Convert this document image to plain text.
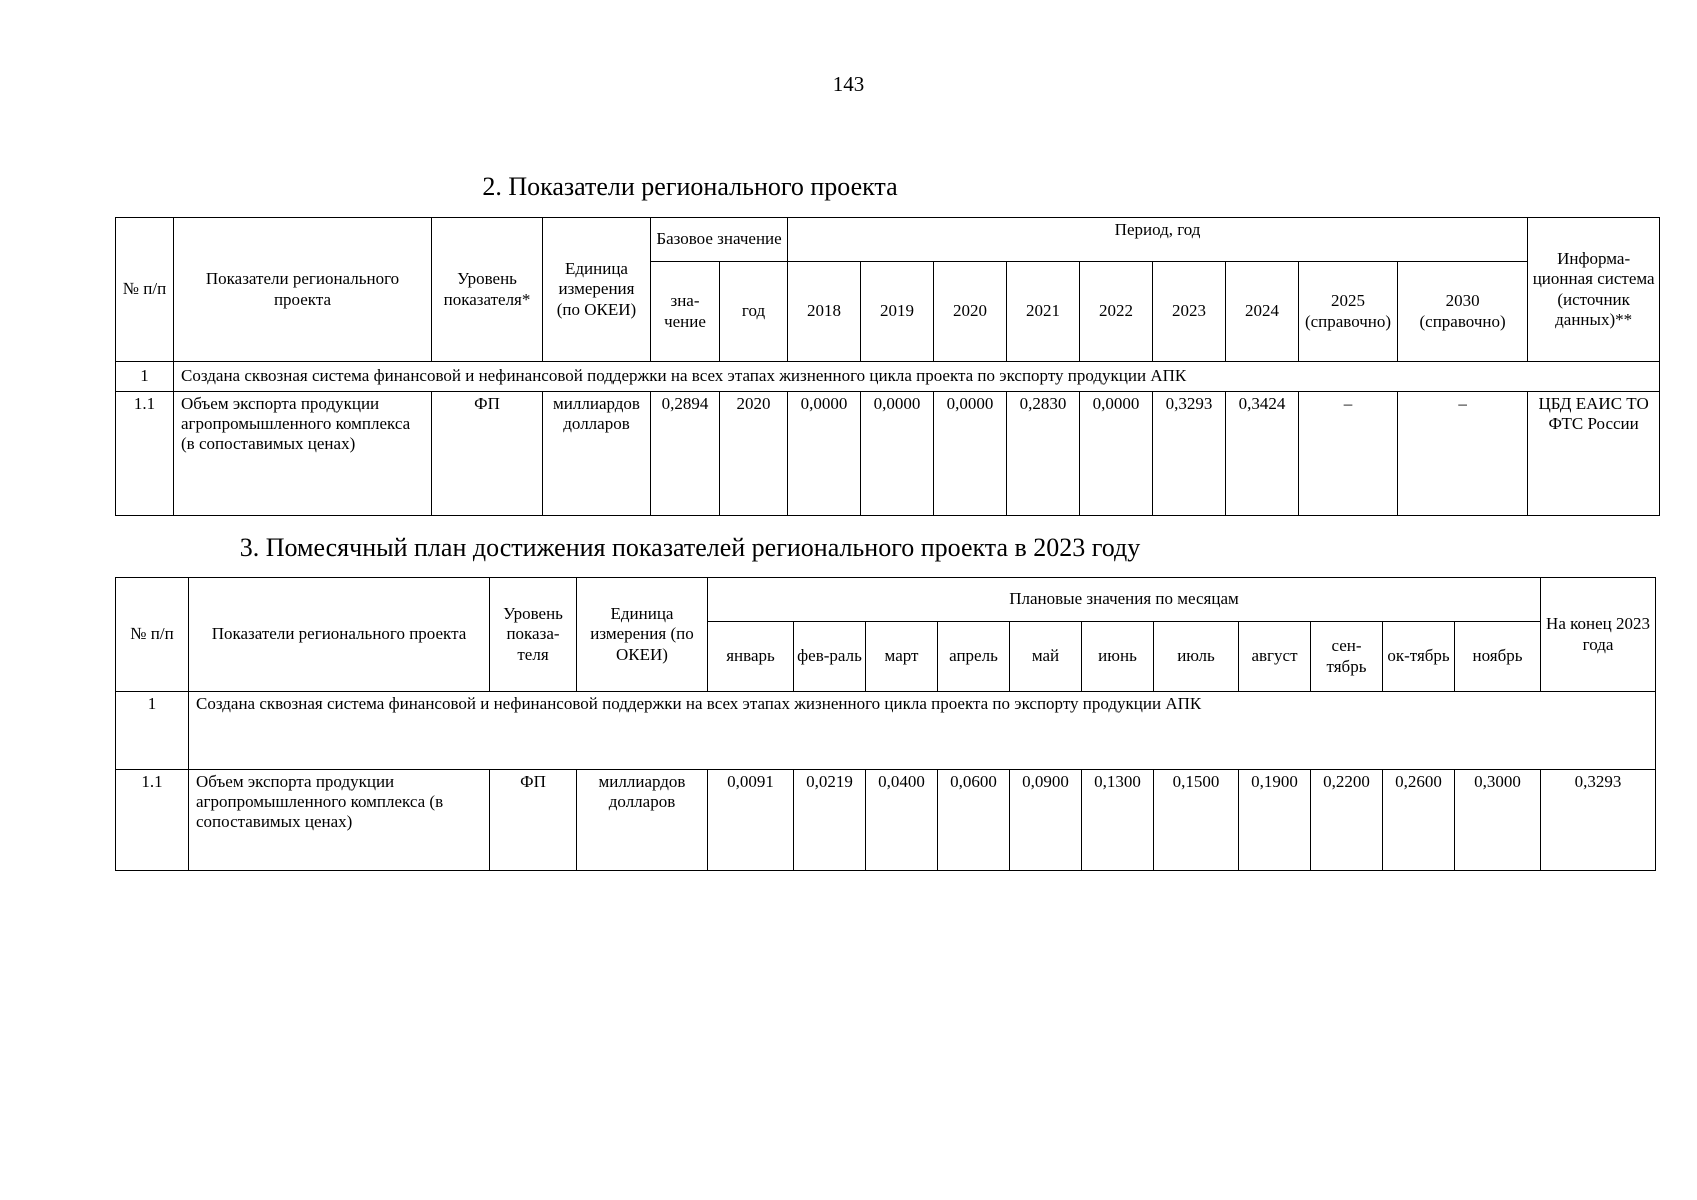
143
2. Показатели регионального проекта
№ п/п	Показатели регионального проекта	Уровень показателя*	Единица измерения (по ОКЕИ)	Базовое значение		Период, год									Информа-ционная система (источник данных)**
				зна-чение	год	2018	2019	2020	2021	2022	2023	2024	2025 (справочно)	2030 (справочно)	
1	Создана сквозная система финансовой и нефинансовой поддержки на всех этапах жизненного цикла проекта по экспорту продукции АПК														
1.1	Объем экспорта продукции агропромышленного комплекса (в сопоставимых ценах)	ФП	миллиардов долларов	0,2894	2020	0,0000	0,0000	0,0000	0,2830	0,0000	0,3293	0,3424	–	–	ЦБД ЕАИС ТО ФТС России
3. Помесячный план достижения показателей регионального проекта в 2023 году
№ п/п	Показатели регионального проекта	Уровень показа-теля	Единица измерения (по ОКЕИ)	Плановые значения по месяцам											На конец 2023 года
				январь	фев-раль	март	апрель	май	июнь	июль	август	сен-тябрь	ок-тябрь	ноябрь	
1	Создана сквозная система финансовой и нефинансовой поддержки на всех этапах жизненного цикла проекта по экспорту продукции АПК														
1.1	Объем экспорта продукции агропромышленного комплекса (в сопоставимых ценах)	ФП	миллиардов долларов	0,0091	0,0219	0,0400	0,0600	0,0900	0,1300	0,1500	0,1900	0,2200	0,2600	0,3000	0,3293
